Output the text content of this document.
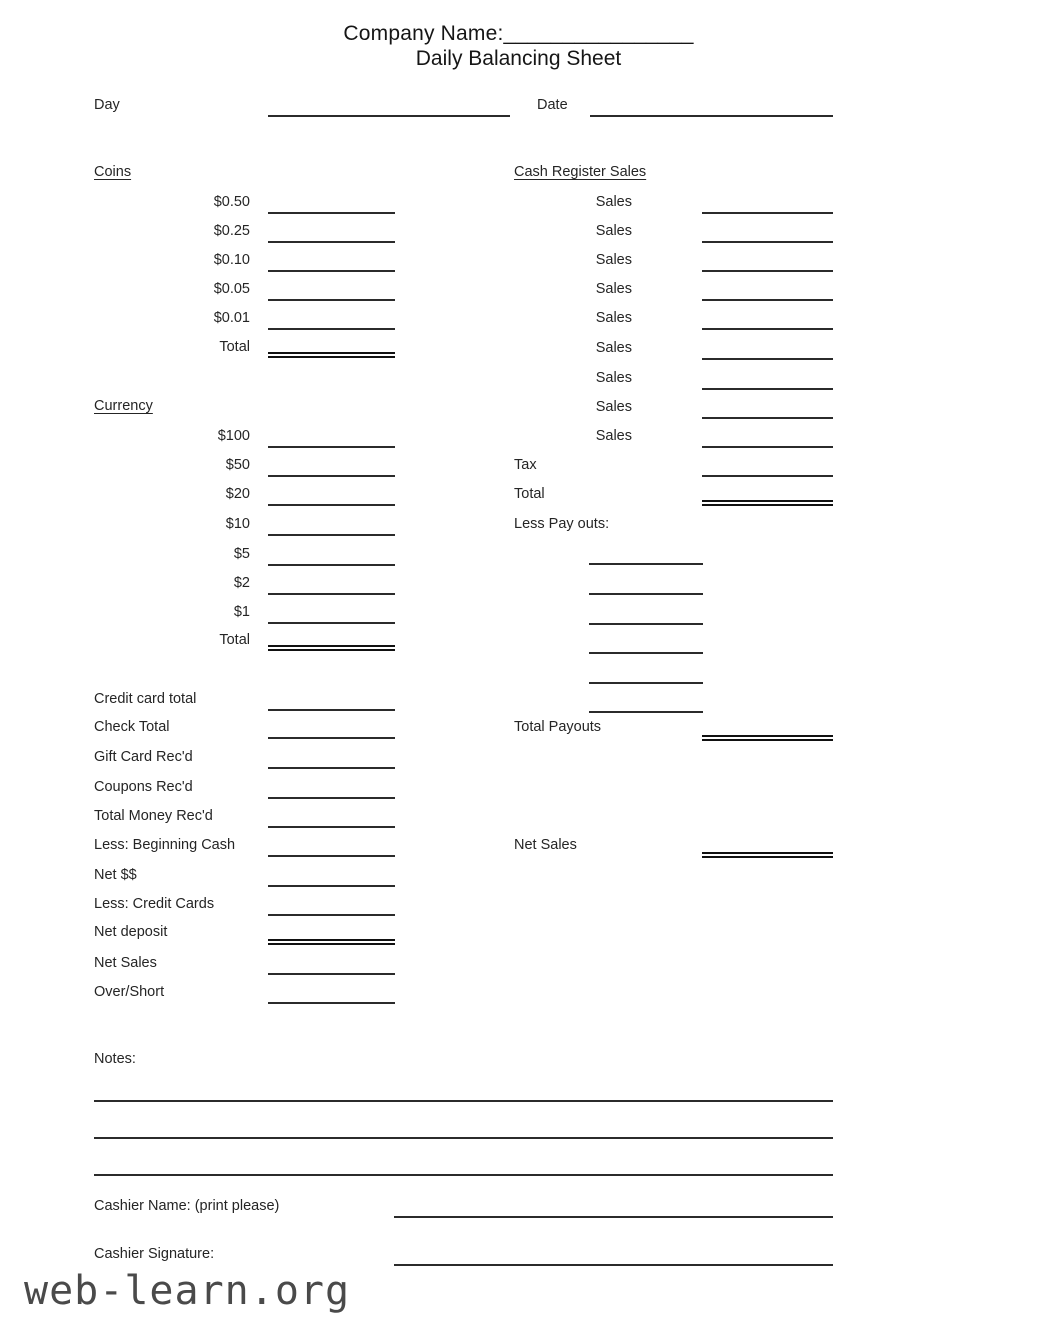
Company Name:________________
Daily Balancing Sheet
Day	Date
Coins
$0.50
$0.25
$0.10
$0.05
$0.01
Total
Currency
$100
$50
$20
$10
$5
$2
$1
Total
Credit card total
Check Total
Gift Card Rec'd
Coupons Rec'd
Total Money Rec'd
Less: Beginning Cash
Net $$
Less: Credit Cards
Net deposit
Net Sales
Over/Short
Cash Register Sales
Sales
Sales
Sales
Sales
Sales
Sales
Sales
Sales
Sales
Tax
Total
Less Pay outs:
Total Payouts
Net Sales
Notes:
Cashier Name: (print please)
Cashier Signature:
web-learn.org
